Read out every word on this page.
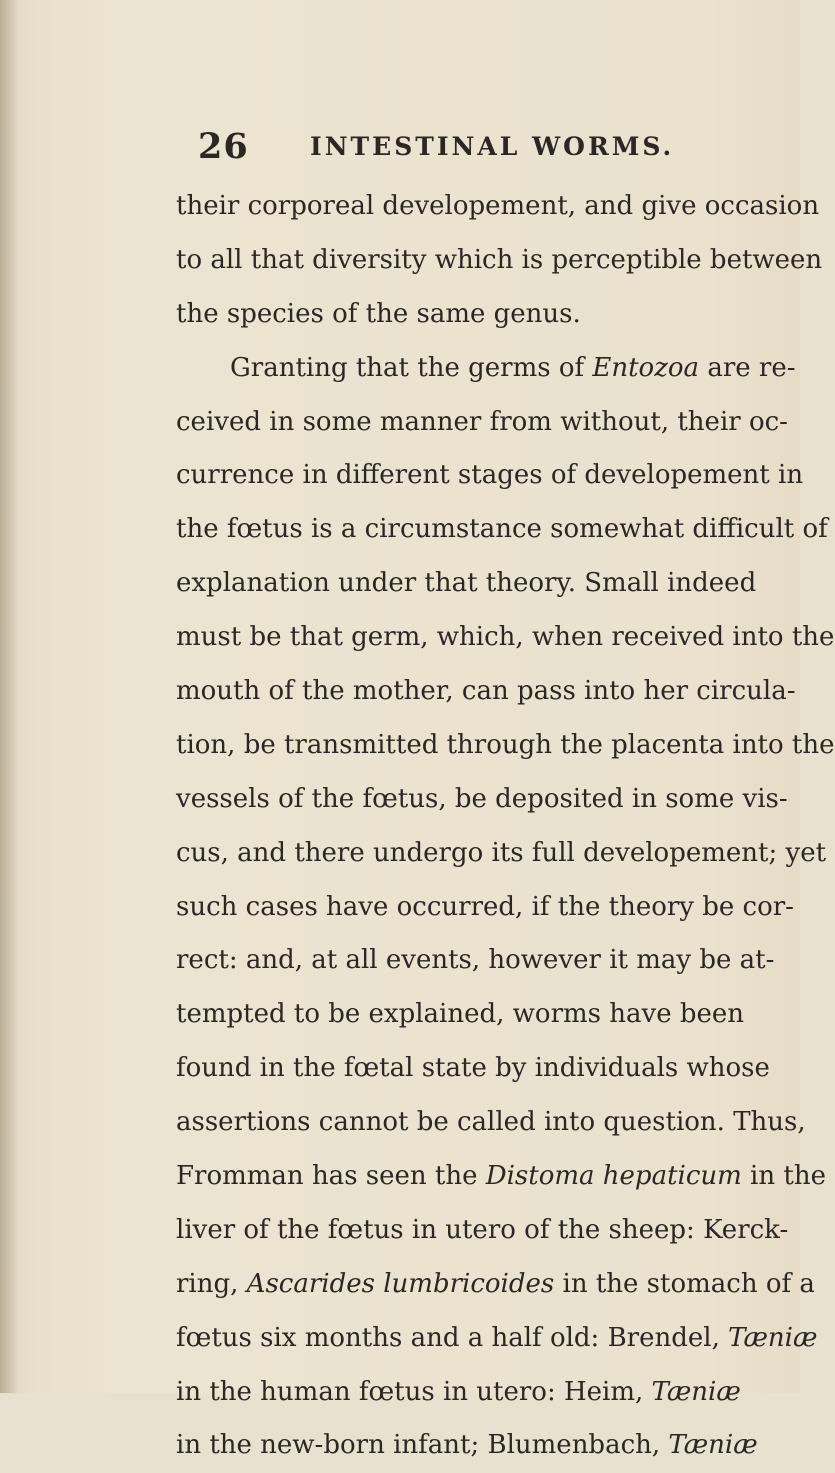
26 INTESTINAL WORMS.
their corporeal developement, and give occasion
to all that diversity which is perceptible between
the species of the same genus.
Granting that the germs of Entozoa are re-
ceived in some manner from without, their oc-
currence in different stages of developement in
the fœtus is a circumstance somewhat difficult of
explanation under that theory. Small indeed
must be that germ, which, when received into the
mouth of the mother, can pass into her circula-
tion, be transmitted through the placenta into the
vessels of the fœtus, be deposited in some vis-
cus, and there undergo its full developement; yet
such cases have occurred, if the theory be cor-
rect: and, at all events, however it may be at-
tempted to be explained, worms have been
found in the fœtal state by individuals whose
assertions cannot be called into question. Thus,
Fromman has seen the Distoma hepaticum in the
liver of the fœtus in utero of the sheep: Kerck-
ring, Ascarides lumbricoides in the stomach of a
fœtus six months and a half old: Brendel, Tæniæ
in the human fœtus in utero: Heim, Tæniæ
in the new-born infant; Blumenbach, Tæniæ
